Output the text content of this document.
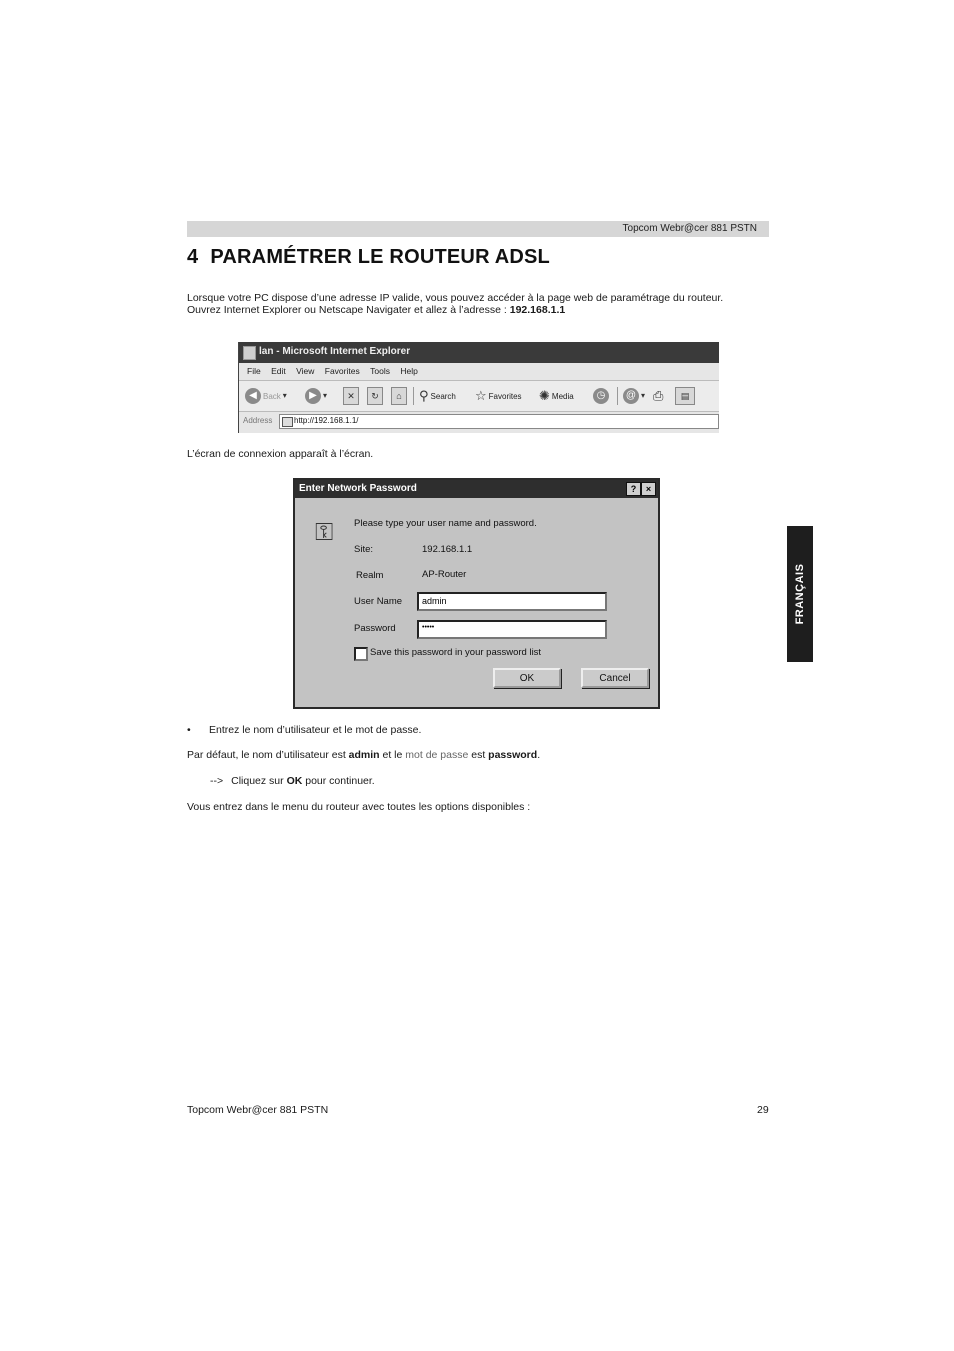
Topcom Webr@cer 881 PSTN
4 PARAMÉTRER LE ROUTEUR ADSL
Lorsque votre PC dispose d’une adresse IP valide, vous pouvez accéder à la page web de paramétrage du routeur.
Ouvrez Internet Explorer ou Netscape Navigater et allez à l’adresse : 192.168.1.1
lan - Microsoft Internet Explorer
File Edit View Favorites Tools Help
◀ Back ▾	▶ ▾	✕	↻	⌂	⚲ Search ☆ Favorites ✺ Media	◷	@ ▾ ⎙	▤
Address	http://192.168.1.1/
L’écran de connexion apparaît à l’écran.
Enter Network Password	?	×
⚿	Please type your user name and password.
Site:	192.168.1.1
Realm	AP-Router
User Name	admin
Password	•••••
Save this password in your password list
OK	Cancel
• Entrez le nom d’utilisateur et le mot de passe.
Par défaut, le nom d’utilisateur est admin et le mot de passe est password.
--> Cliquez sur OK pour continuer.
Vous entrez dans le menu du routeur avec toutes les options disponibles :
FRANÇAIS
Topcom Webr@cer 881 PSTN	29
